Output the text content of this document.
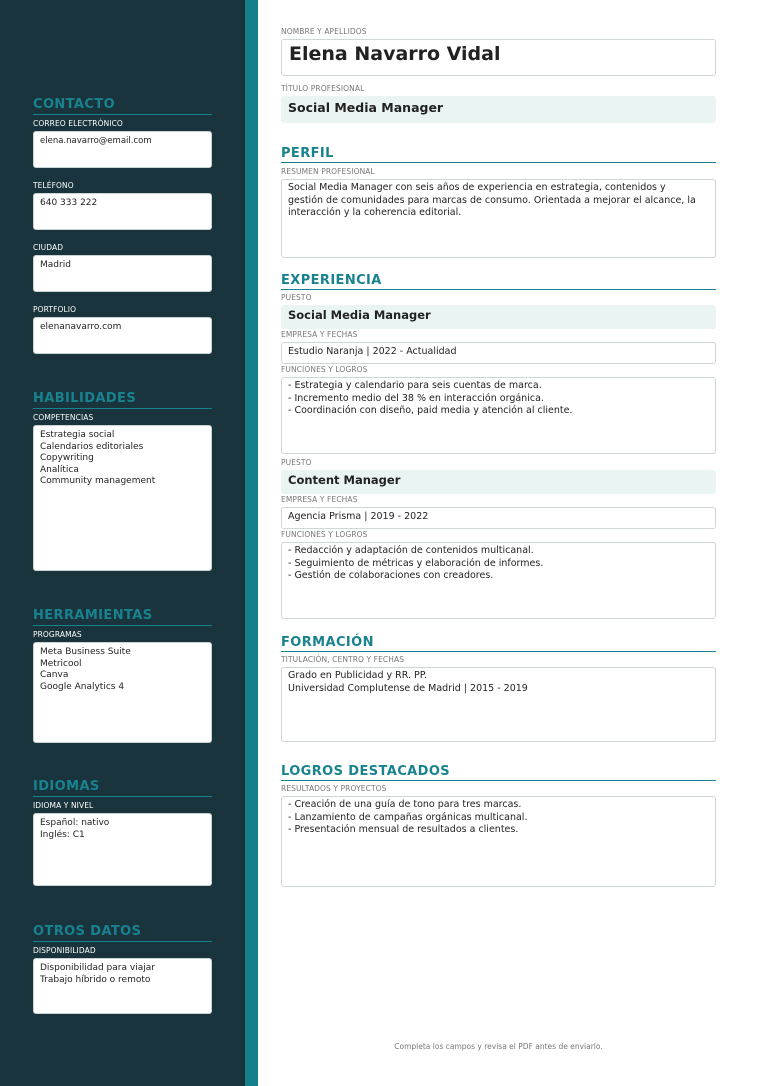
CONTACTO
CORREO ELECTRÓNICO
elena.navarro@email.com
TELÉFONO
640 333 222
CIUDAD
Madrid
PORTFOLIO
elenanavarro.com
HABILIDADES
COMPETENCIAS
Estrategia social
Calendarios editoriales
Copywriting
Analítica
Community management
HERRAMIENTAS
PROGRAMAS
Meta Business Suite
Metricool
Canva
Google Analytics 4
IDIOMAS
IDIOMA Y NIVEL
Español: nativo
Inglés: C1
OTROS DATOS
DISPONIBILIDAD
Disponibilidad para viajar
Trabajo híbrido o remoto
NOMBRE Y APELLIDOS
Elena Navarro Vidal
TÍTULO PROFESIONAL
Social Media Manager
PERFIL
RESUMEN PROFESIONAL
Social Media Manager con seis años de experiencia en estrategia, contenidos y
gestión de comunidades para marcas de consumo. Orientada a mejorar el alcance, la
interacción y la coherencia editorial.
EXPERIENCIA
PUESTO
Social Media Manager
EMPRESA Y FECHAS
Estudio Naranja | 2022 - Actualidad
FUNCIONES Y LOGROS
- Estrategia y calendario para seis cuentas de marca.
- Incremento medio del 38 % en interacción orgánica.
- Coordinación con diseño, paid media y atención al cliente.
PUESTO
Content Manager
EMPRESA Y FECHAS
Agencia Prisma | 2019 - 2022
FUNCIONES Y LOGROS
- Redacción y adaptación de contenidos multicanal.
- Seguimiento de métricas y elaboración de informes.
- Gestión de colaboraciones con creadores.
FORMACIÓN
TITULACIÓN, CENTRO Y FECHAS
Grado en Publicidad y RR. PP.
Universidad Complutense de Madrid | 2015 - 2019
LOGROS DESTACADOS
RESULTADOS Y PROYECTOS
- Creación de una guía de tono para tres marcas.
- Lanzamiento de campañas orgánicas multicanal.
- Presentación mensual de resultados a clientes.
Completa los campos y revisa el PDF antes de enviarlo.
